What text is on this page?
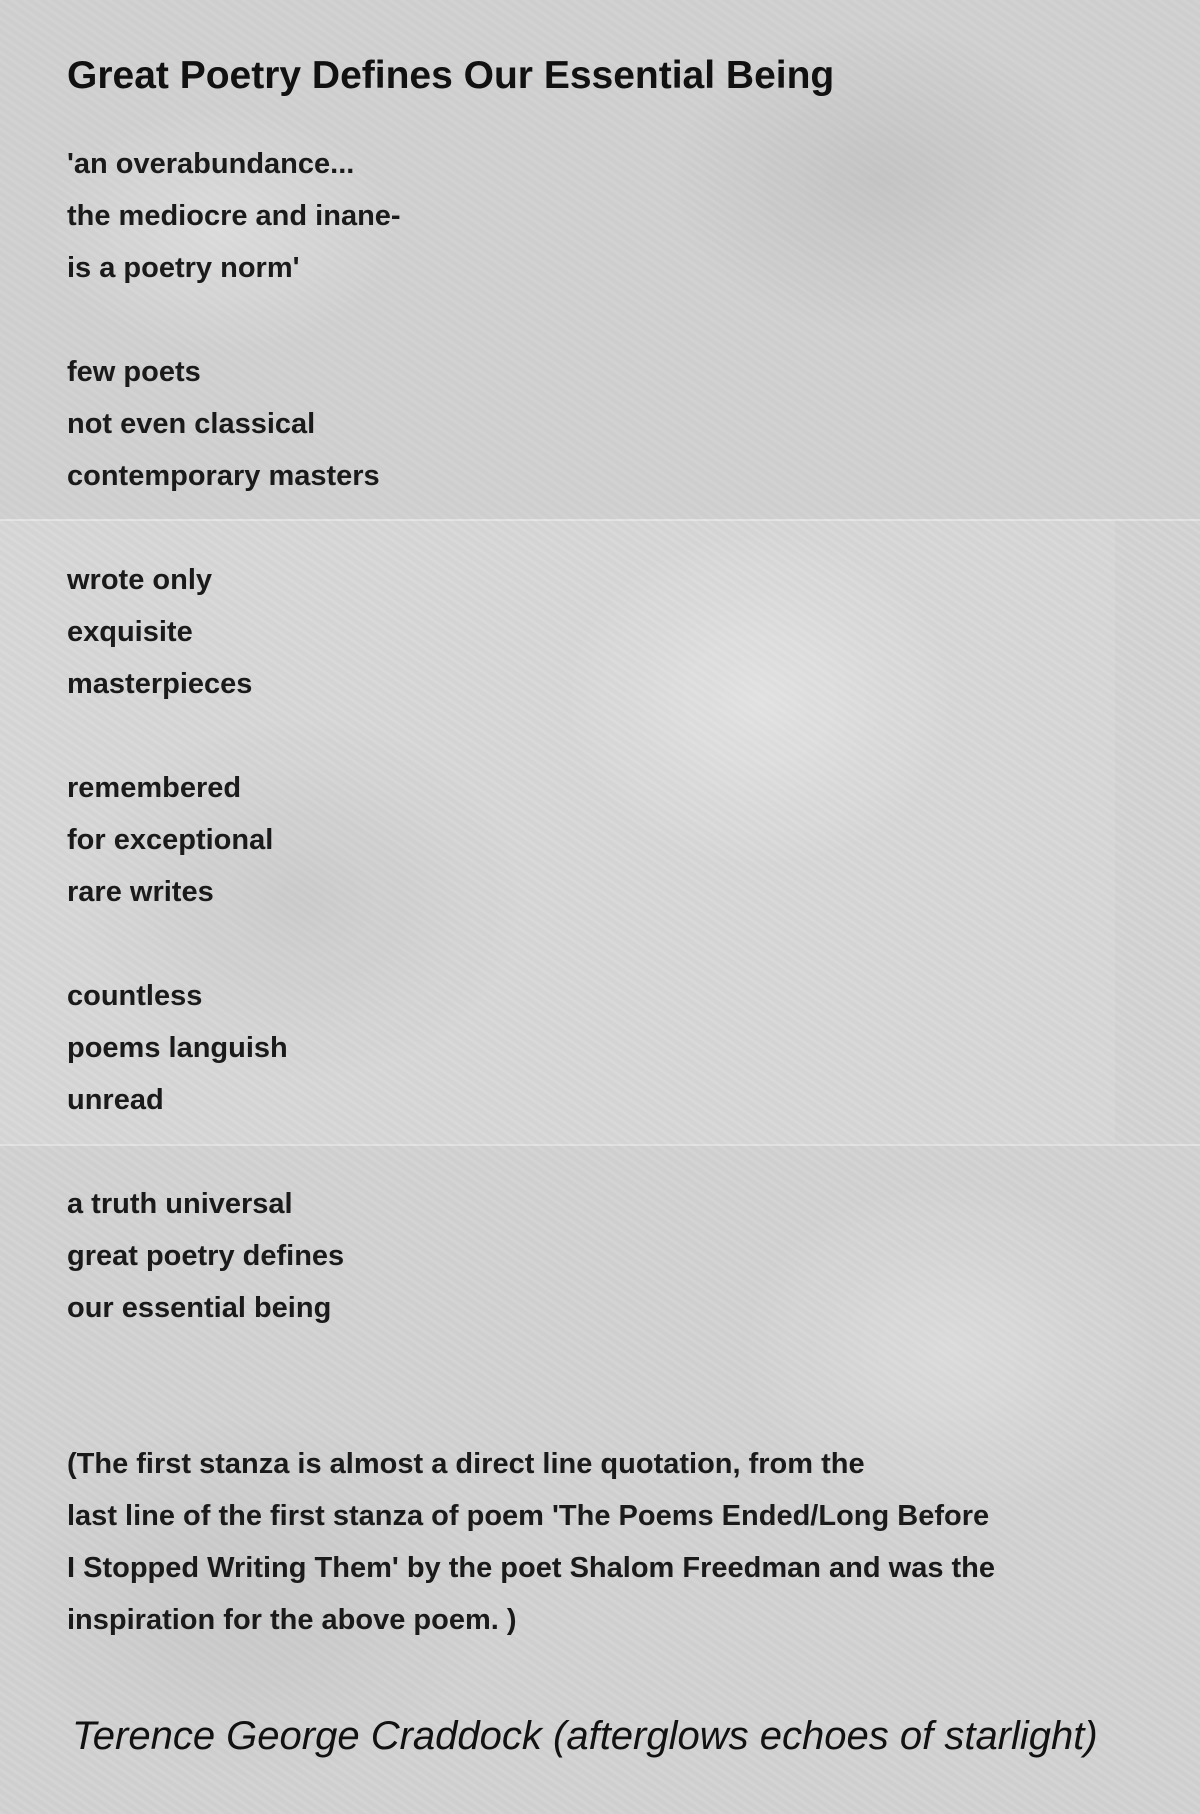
Great Poetry Defines Our Essential Being
'an overabundance...
the mediocre and inane-
is a poetry norm'
few poets
not even classical
contemporary masters
wrote only
exquisite
masterpieces
remembered
for exceptional
rare writes
countless
poems languish
unread
a truth universal
great poetry defines
our essential being
(The first stanza is almost a direct line quotation, from the
last line of the first stanza of poem 'The Poems Ended/Long Before
I Stopped Writing Them' by the poet Shalom Freedman and was the
inspiration for the above poem. )
Terence George Craddock (afterglows echoes of starlight)
